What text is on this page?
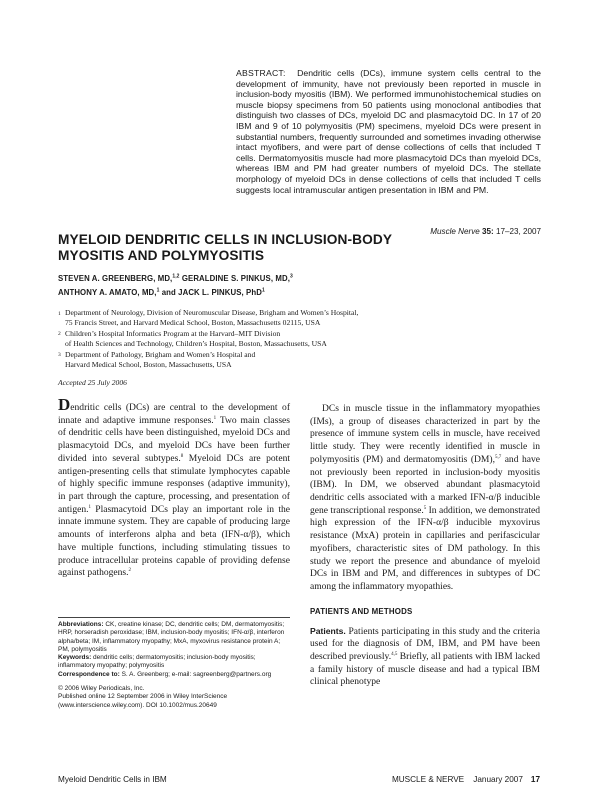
ABSTRACT: Dendritic cells (DCs), immune system cells central to the development of immunity, have not previously been reported in muscle in inclusion-body myositis (IBM). We performed immunohistochemical studies on muscle biopsy specimens from 50 patients using monoclonal antibodies that distinguish two classes of DCs, myeloid DC and plasmacytoid DC. In 17 of 20 IBM and 9 of 10 polymyositis (PM) specimens, myeloid DCs were present in substantial numbers, frequently surrounded and sometimes invading otherwise intact myofibers, and were part of dense collections of cells that included T cells. Dermatomyositis muscle had more plasmacytoid DCs than myeloid DCs, whereas IBM and PM had greater numbers of myeloid DCs. The stellate morphology of myeloid DCs in dense collections of cells that included T cells suggests local intramuscular antigen presentation in IBM and PM.
Muscle Nerve 35: 17–23, 2007
MYELOID DENDRITIC CELLS IN INCLUSION-BODY MYOSITIS AND POLYMYOSITIS
STEVEN A. GREENBERG, MD,$^{1,2}$ GERALDINE S. PINKUS, MD,$^3$
ANTHONY A. AMATO, MD,$^1$ and JACK L. PINKUS, PhD$^1$
1 Department of Neurology, Division of Neuromuscular Disease, Brigham and Women’s Hospital,
75 Francis Street, and Harvard Medical School, Boston, Massachusetts 02115, USA
2 Children’s Hospital Informatics Program at the Harvard–MIT Division
of Health Sciences and Technology, Children’s Hospital, Boston, Massachusetts, USA
3 Department of Pathology, Brigham and Women’s Hospital and
Harvard Medical School, Boston, Massachusetts, USA
Accepted 25 July 2006

Dendritic cells (DCs) are central to the development of innate and adaptive immune responses.$^1$ Two main classes of dendritic cells have been distinguished, myeloid DCs and plasmacytoid DCs, and myeloid DCs have been further divided into several subtypes.$^8$ Myeloid DCs are potent antigen-presenting cells that stimulate lymphocytes capable of highly specific immune responses (adaptive immunity), in part through the capture, processing, and presentation of antigen.$^1$ Plasmacytoid DCs play an important role in the innate immune system. They are capable of producing large amounts of interferons alpha and beta (IFN-α/β), which have multiple functions, including stimulating tissues to produce intracellular proteins capable of providing defense against pathogens.$^2$

Abbreviations: CK, creatine kinase; DC, dendritic cells; DM, dermatomyositis; HRP, horseradish peroxidase; IBM, inclusion-body myositis; IFN-α/β, interferon alpha/beta; IM, inflammatory myopathy; MxA, myxovirus resistance protein A; PM, polymyositis

Keywords: dendritic cells; dermatomyositis; inclusion-body myositis; inflammatory myopathy; polymyositis

Correspondence to: S. A. Greenberg; e-mail: sagreenberg@partners.org

© 2006 Wiley Periodicals, Inc.

Published online 12 September 2006 in Wiley InterScience (www.interscience.wiley.com). DOI 10.1002/mus.20649

DCs in muscle tissue in the inflammatory myopathies (IMs), a group of diseases characterized in part by the presence of immune system cells in muscle, have received little study. They were recently identified in muscle in polymyositis (PM) and dermatomyositis (DM),$^{5,7}$ and have not previously been reported in inclusion-body myositis (IBM). In DM, we observed abundant plasmacytoid dendritic cells associated with a marked IFN-α/β inducible gene transcriptional response.$^5$ In addition, we demonstrated high expression of the IFN-α/β inducible myxovirus resistance (MxA) protein in capillaries and perifascicular myofibers, characteristic sites of DM pathology. In this study we report the presence and abundance of myeloid DCs in IBM and PM, and differences in subtypes of DC among the inflammatory myopathies.

PATIENTS AND METHODS

Patients. Patients participating in this study and the criteria used for the diagnosis of DM, IBM, and PM have been described previously.$^{4,5}$ Briefly, all patients with IBM lacked a family history of muscle disease and had a typical IBM clinical phenotype

Myeloid Dendritic Cells in IBM	MUSCLE & NERVE January 2007 17
